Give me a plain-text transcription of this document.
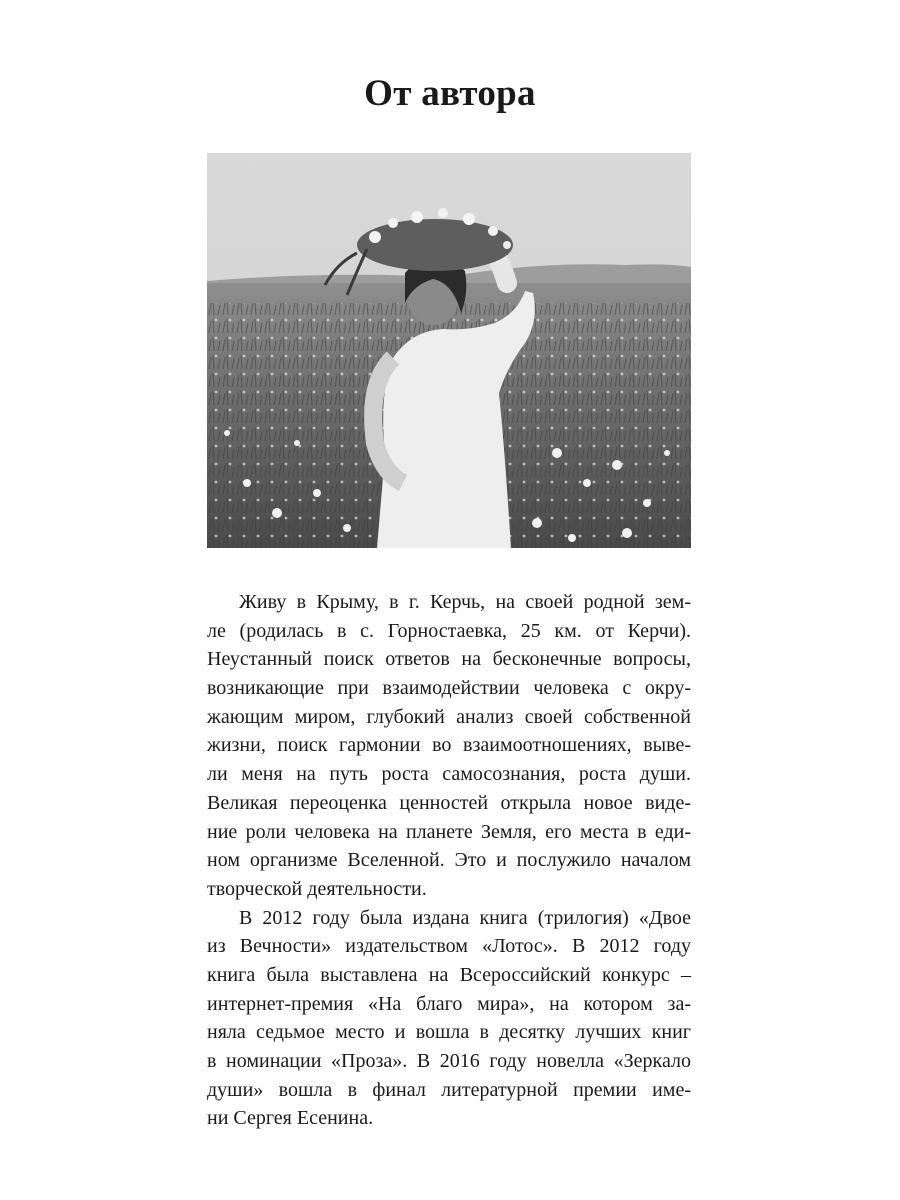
От автора
Живу в Крыму, в г. Керчь, на своей родной зем-
ле (родилась в с. Горностаевка, 25 км. от Керчи).
Неустанный поиск ответов на бесконечные вопросы,
возникающие при взаимодействии человека с окру-
жающим миром, глубокий анализ своей собственной
жизни, поиск гармонии во взаимоотношениях, выве-
ли меня на путь роста самосознания, роста души.
Великая переоценка ценностей открыла новое виде-
ние роли человека на планете Земля, его места в еди-
ном организме Вселенной. Это и послужило началом
творческой деятельности.
В 2012 году была издана книга (трилогия) «Двое
из Вечности» издательством «Лотос». В 2012 году
книга была выставлена на Всероссийский конкурс –
интернет-премия «На благо мира», на котором за-
няла седьмое место и вошла в десятку лучших книг
в номинации «Проза». В 2016 году новелла «Зеркало
души» вошла в финал литературной премии име-
ни Сергея Есенина.
